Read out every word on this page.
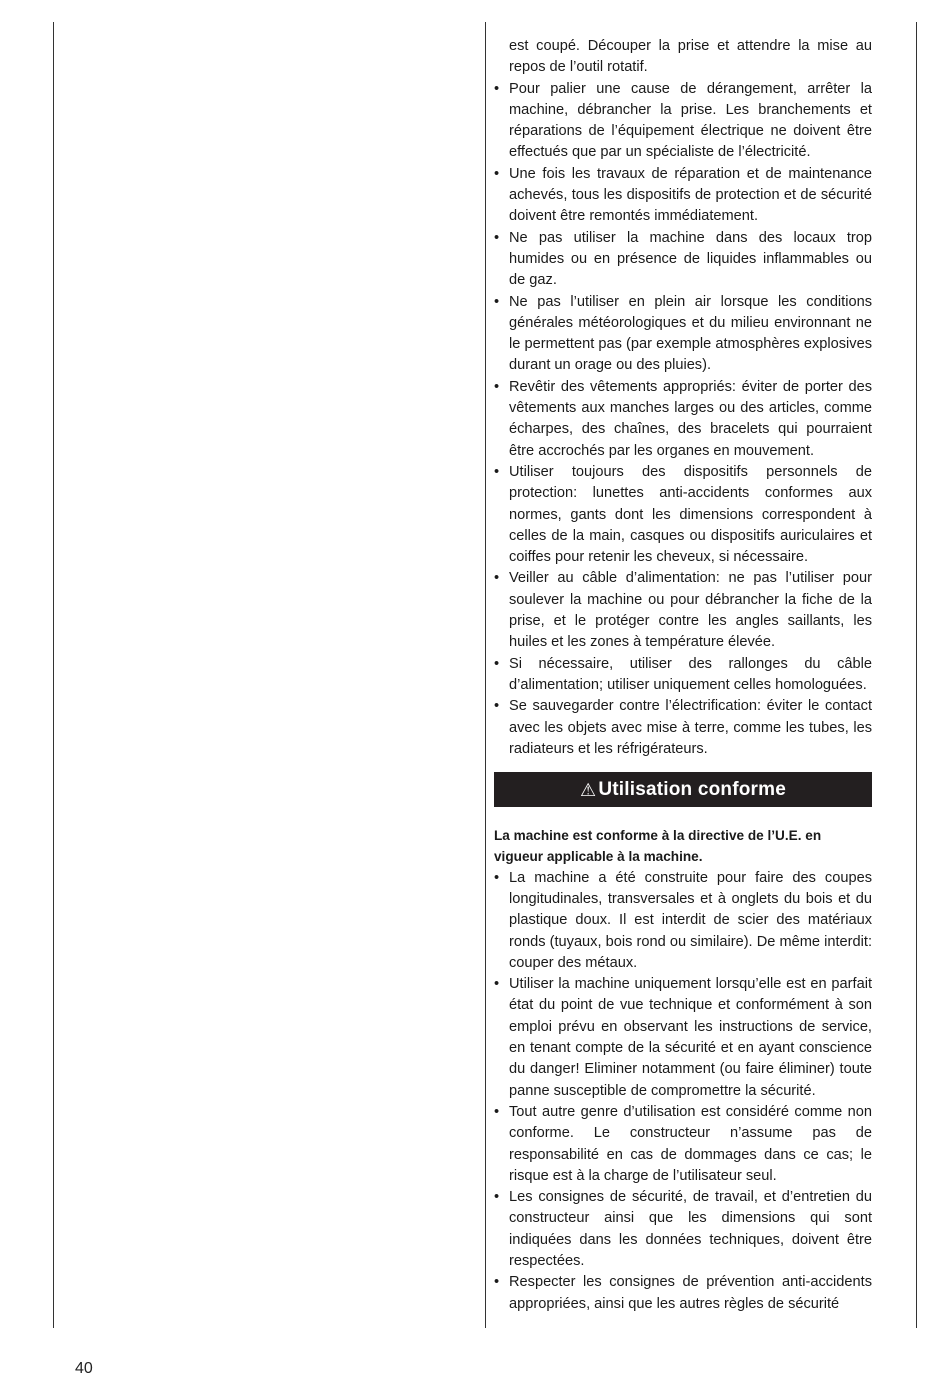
est coupé. Découper la prise et attendre la mise au repos de l’outil rotatif.
• Pour palier une cause de dérangement, arrêter la machine, débrancher la prise. Les branchements et réparations de l’équipement électrique ne doivent être effectués que par un spécialiste de l’électricité.
• Une fois les travaux de réparation et de maintenance achevés, tous les dispositifs de protection et de sécurité doivent être remontés immédiatement.
• Ne pas utiliser la machine dans des locaux trop humides ou en présence de liquides inflammables ou de gaz.
• Ne pas l’utiliser en plein air lorsque les conditions générales météorologiques et du milieu environnant ne le permettent pas (par exemple atmosphères explosives durant un orage ou des pluies).
• Revêtir des vêtements appropriés: éviter de porter des vêtements aux manches larges ou des articles, comme écharpes, des chaînes, des bracelets qui pourraient être accrochés par les organes en mouvement.
• Utiliser toujours des dispositifs personnels de protection: lunettes anti-accidents conformes aux normes, gants dont les dimensions correspondent à celles de la main, casques ou dispositifs auriculaires et coiffes pour retenir les cheveux, si nécessaire.
• Veiller au câble d’alimentation: ne pas l’utiliser pour soulever la machine ou pour débrancher la fiche de la prise, et le protéger contre les angles saillants, les huiles et les zones à température élevée.
• Si nécessaire, utiliser des rallonges du câble d’alimentation; utiliser uniquement celles homologuées.
• Se sauvegarder contre l’électrification: éviter le contact avec les objets avec mise à terre, comme les tubes, les radiateurs et les réfrigérateurs.
⚠ Utilisation conforme
La machine est conforme à la directive de l’U.E. en vigueur applicable à la machine.
• La machine a été construite pour faire des coupes longitudinales, transversales et à onglets du bois et du plastique doux. Il est interdit de scier des matériaux ronds (tuyaux, bois rond ou similaire). De même interdit: couper des métaux.
• Utiliser la machine uniquement lorsqu’elle est en parfait état du point de vue technique et conformément à son emploi prévu en observant les instructions de service, en tenant compte de la sécurité et en ayant conscience du danger! Eliminer notamment (ou faire éliminer) toute panne susceptible de compromettre la sécurité.
• Tout autre genre d’utilisation est considéré comme non conforme. Le constructeur n’assume pas de responsabilité en cas de dommages dans ce cas; le risque est à la charge de l’utilisateur seul.
• Les consignes de sécurité, de travail, et d’entretien du constructeur ainsi que les dimensions qui sont indiquées dans les données techniques, doivent être respectées.
• Respecter les consignes de prévention anti-accidents appropriées, ainsi que les autres règles de sécurité
40
